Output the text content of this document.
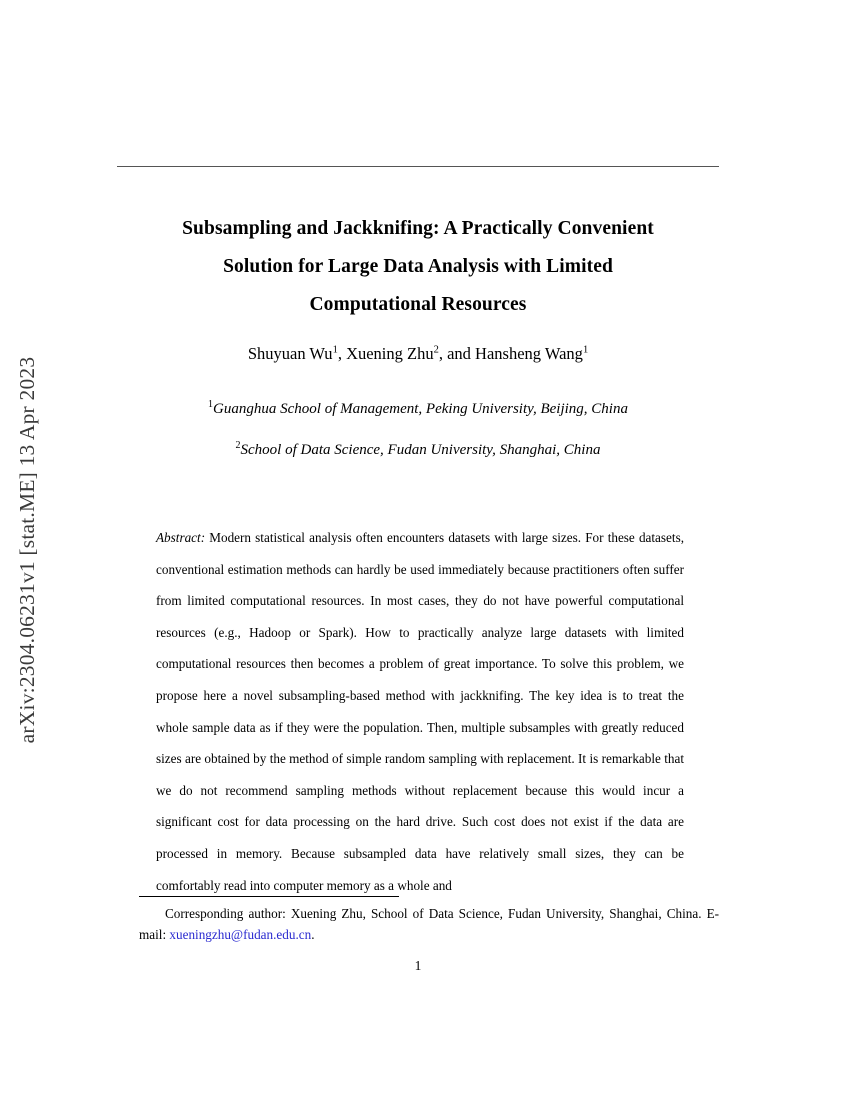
arXiv:2304.06231v1 [stat.ME] 13 Apr 2023
Subsampling and Jackknifing: A Practically Convenient
Solution for Large Data Analysis with Limited
Computational Resources
Shuyuan Wu$^1$, Xuening Zhu$^2$, and Hansheng Wang$^1$
$^1$Guanghua School of Management, Peking University, Beijing, China
$^2$School of Data Science, Fudan University, Shanghai, China
Abstract: Modern statistical analysis often encounters datasets with large sizes. For these datasets, conventional estimation methods can hardly be used immediately because practitioners often suffer from limited computational resources. In most cases, they do not have powerful computational resources (e.g., Hadoop or Spark). How to practically analyze large datasets with limited computational resources then becomes a problem of great importance. To solve this problem, we propose here a novel subsampling-based method with jackknifing. The key idea is to treat the whole sample data as if they were the population. Then, multiple subsamples with greatly reduced sizes are obtained by the method of simple random sampling with replacement. It is remarkable that we do not recommend sampling methods without replacement because this would incur a significant cost for data processing on the hard drive. Such cost does not exist if the data are processed in memory. Because subsampled data have relatively small sizes, they can be comfortably read into computer memory as a whole and
Corresponding author: Xuening Zhu, School of Data Science, Fudan University, Shanghai, China. E-mail: xueningzhu@fudan.edu.cn.
1
